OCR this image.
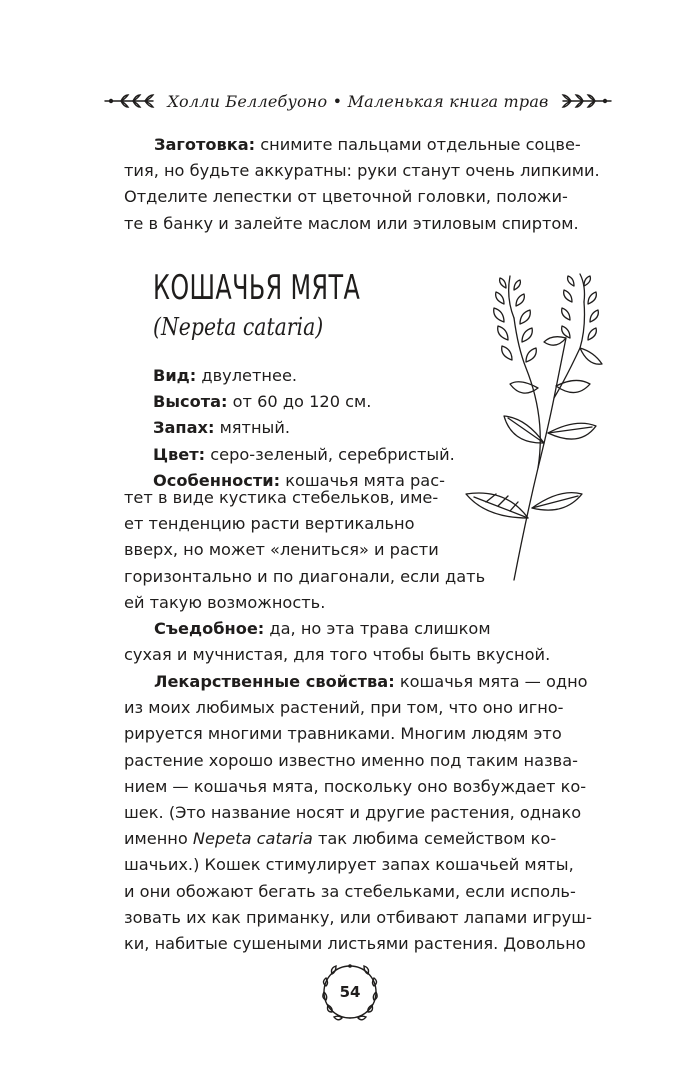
Холли Беллебуоно • Маленькая книга трав
Заготовка: снимите пальцами отдельные соцве-
тия, но будьте аккуратны: руки станут очень липкими.
Отделите лепестки от цветочной головки, положи-
те в банку и залейте маслом или этиловым спиртом.
КОШАЧЬЯ МЯТА
(Nepeta cataria)
Вид: двулетнее.
Высота: от 60 до 120 см.
Запах: мятный.
Цвет: серо-зеленый, серебристый.
Особенности: кошачья мята рас-
тет в виде кустика стебельков, име-
ет тенденцию расти вертикально
вверх, но может «лениться» и расти
горизонтально и по диагонали, если дать
ей такую возможность.
Съедобное: да, но эта трава слишком
сухая и мучнистая, для того чтобы быть вкусной.
Лекарственные свойства: кошачья мята — одно
из моих любимых растений, при том, что оно игно-
рируется многими травниками. Многим людям это
растение хорошо известно именно под таким назва-
нием — кошачья мята, поскольку оно возбуждает ко-
шек. (Это название носят и другие растения, однако
именно Nepeta cataria так любима семейством ко-
шачьих.) Кошек стимулирует запах кошачьей мяты,
и они обожают бегать за стебельками, если исполь-
зовать их как приманку, или отбивают лапами игруш-
ки, набитые сушеными листьями растения. Довольно
54
